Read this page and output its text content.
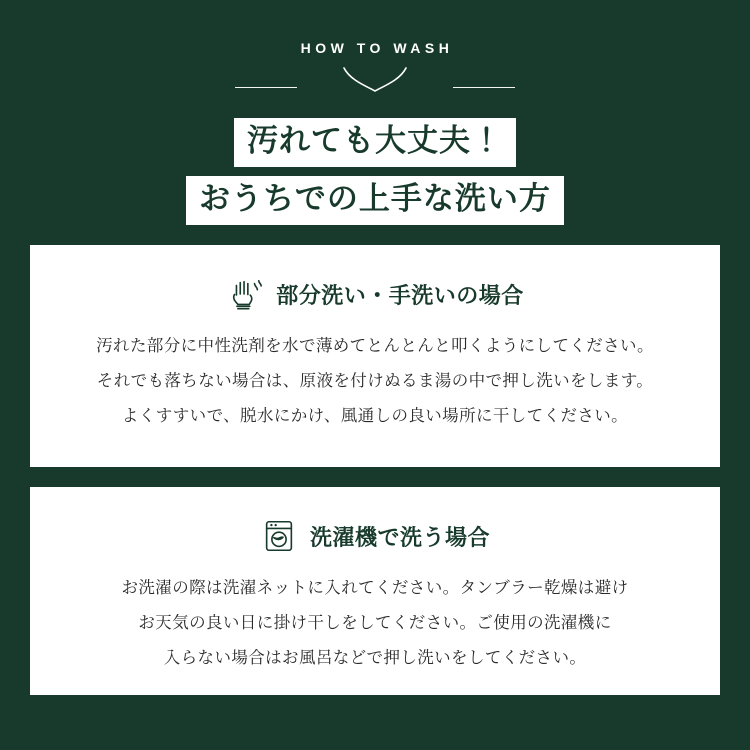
HOW TO WASH
汚れても大丈夫！
おうちでの上手な洗い方
部分洗い・手洗いの場合

汚れた部分に中性洗剤を水で薄めてとんとんと叩くようにしてください。

それでも落ちない場合は、原液を付けぬるま湯の中で押し洗いをします。

よくすすいで、脱水にかけ、風通しの良い場所に干してください。

洗濯機で洗う場合

お洗濯の際は洗濯ネットに入れてください。タンブラー乾燥は避け

お天気の良い日に掛け干しをしてください。ご使用の洗濯機に

入らない場合はお風呂などで押し洗いをしてください。
